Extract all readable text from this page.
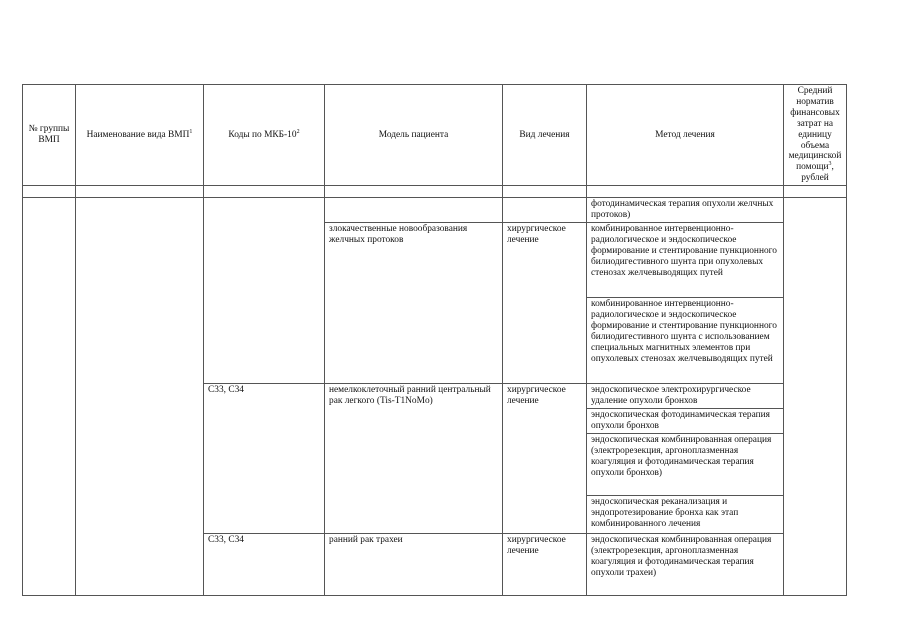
№ группы ВМП	Наименование вида ВМП$^1$	Коды по МКБ-$10^2$	Модель пациента	Вид лечения	Метод лечения	Средний норматив финансовых затрат на единицу объема медицинской помощи$^3$, рублей

					фотодинамическая терапия опухоли желчных протоков)	
			злокачественные новообразования желчных протоков	хирургическое лечение	комбинированное интервенционно-радиологическое и эндоскопическое формирование и стентирование пункционного билиодигестивного шунта при опухолевых стенозах желчевыводящих путей	
					комбинированное интервенционно-радиологическое и эндоскопическое формирование и стентирование пункционного билиодигестивного шунта с использованием специальных магнитных элементов при опухолевых стенозах желчевыводящих путей	
		C33, C34	немелкоклеточный ранний центральный рак легкого (Tis-T1NoMo)	хирургическое лечение	эндоскопическое электрохирургическое удаление опухоли бронхов	
					эндоскопическая фотодинамическая терапия опухоли бронхов	
					эндоскопическая комбинированная операция (электрорезекция, аргоноплазменная коагуляция и фотодинамическая терапия опухоли бронхов)	
					эндоскопическая реканализация и эндопротезирование бронха как этап комбинированного лечения	
		C33, C34	ранний рак трахеи	хирургическое лечение	эндоскопическая комбинированная операция (электрорезекция, аргоноплазменная коагуляция и фотодинамическая терапия опухоли трахеи)	
